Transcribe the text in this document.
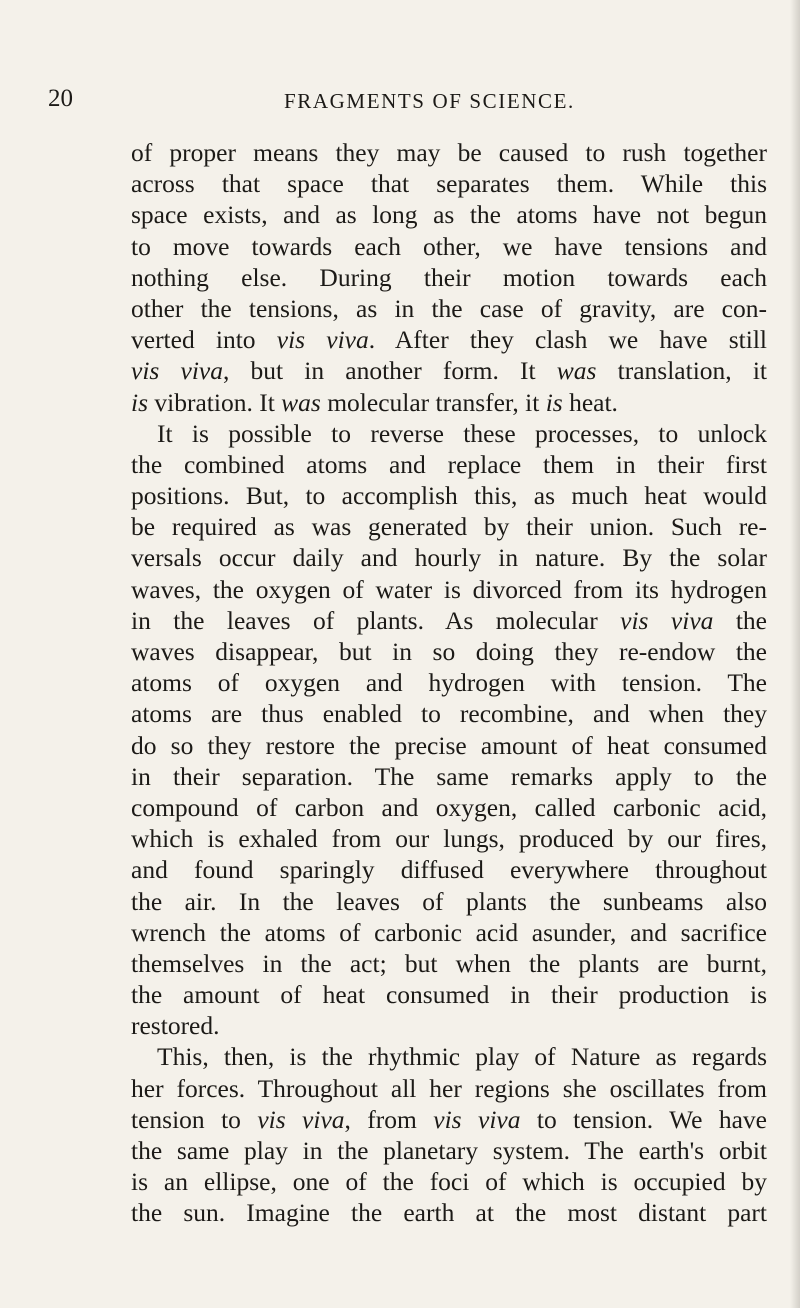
20	FRAGMENTS OF SCIENCE.
of proper means they may be caused to rush together
across that space that separates them. While this
space exists, and as long as the atoms have not begun
to move towards each other, we have tensions and
nothing else. During their motion towards each
other the tensions, as in the case of gravity, are con-
verted into vis viva. After they clash we have still
vis viva, but in another form. It was translation, it
is vibration. It was molecular transfer, it is heat.
It is possible to reverse these processes, to unlock
the combined atoms and replace them in their first
positions. But, to accomplish this, as much heat would
be required as was generated by their union. Such re-
versals occur daily and hourly in nature. By the solar
waves, the oxygen of water is divorced from its hydrogen
in the leaves of plants. As molecular vis viva the
waves disappear, but in so doing they re-endow the
atoms of oxygen and hydrogen with tension. The
atoms are thus enabled to recombine, and when they
do so they restore the precise amount of heat consumed
in their separation. The same remarks apply to the
compound of carbon and oxygen, called carbonic acid,
which is exhaled from our lungs, produced by our fires,
and found sparingly diffused everywhere throughout
the air. In the leaves of plants the sunbeams also
wrench the atoms of carbonic acid asunder, and sacrifice
themselves in the act; but when the plants are burnt,
the amount of heat consumed in their production is
restored.
This, then, is the rhythmic play of Nature as regards
her forces. Throughout all her regions she oscillates from
tension to vis viva, from vis viva to tension. We have
the same play in the planetary system. The earth's orbit
is an ellipse, one of the foci of which is occupied by
the sun. Imagine the earth at the most distant part
